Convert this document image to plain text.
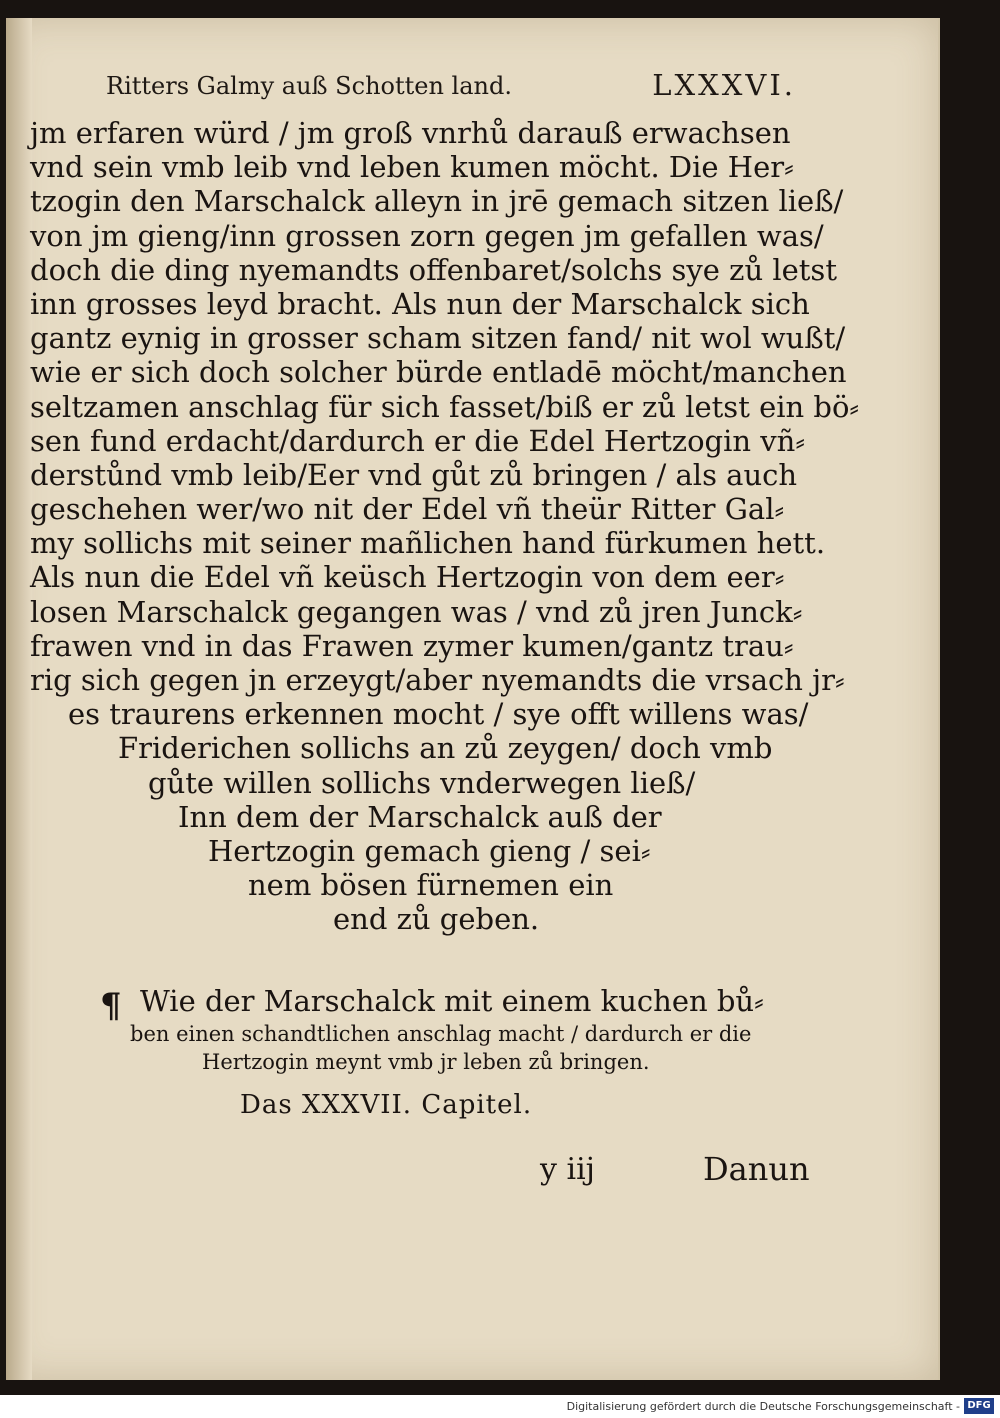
Ritters Galmy auß Schotten land.	LXXXVI.
jm erfaren würd / jm groß vnrhů darauß erwachsen
vnd sein vmb leib vnd leben kumen möcht. Die Her⸗
tzogin den Marschalck alleyn in jrē gemach sitzen ließ/
von jm gieng/inn grossen zorn gegen jm gefallen was/
doch die ding nyemandts offenbaret/solchs sye zů letst
inn grosses leyd bracht. Als nun der Marschalck sich
gantz eynig in grosser scham sitzen fand/ nit wol wußt/
wie er sich doch solcher bürde entladē möcht/manchen
seltzamen anschlag für sich fasset/biß er zů letst ein bö⸗
sen fund erdacht/dardurch er die Edel Hertzogin vñ⸗
derstůnd vmb leib/Eer vnd gůt zů bringen / als auch
geschehen wer/wo nit der Edel vñ theür Ritter Gal⸗
my sollichs mit seiner mañlichen hand fürkumen hett.
Als nun die Edel vñ keüsch Hertzogin von dem eer⸗
losen Marschalck gegangen was / vnd zů jren Junck⸗
frawen vnd in das Frawen zymer kumen/gantz trau⸗
rig sich gegen jn erzeygt/aber nyemandts die vrsach jr⸗
es traurens erkennen mocht / sye offt willens was/
Friderichen sollichs an zů zeygen/ doch vmb
gůte willen sollichs vnderwegen ließ/
Inn dem der Marschalck auß der
Hertzogin gemach gieng / sei⸗
nem bösen fürnemen ein
end zů geben.
¶ Wie der Marschalck mit einem kuchen bů⸗
ben einen schandtlichen anschlag macht / dardurch er die
Hertzogin meynt vmb jr leben zů bringen.
Das XXXVII. Capitel.
y iij	Danun
Digitalisierung gefördert durch die Deutsche Forschungsgemeinschaft - DFG
